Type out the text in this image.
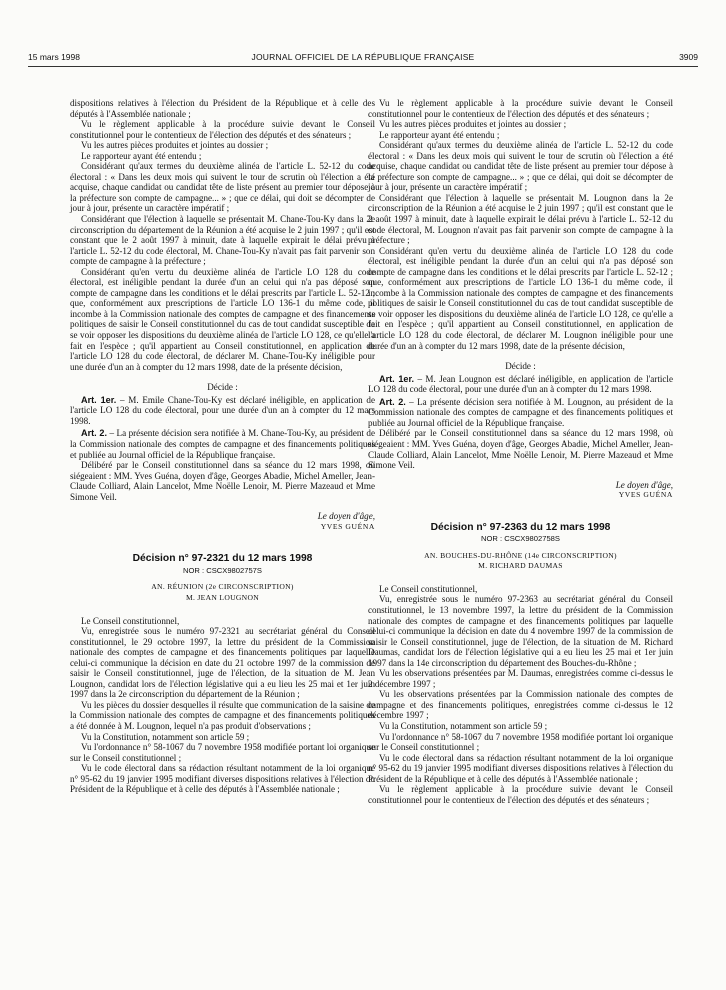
15 mars 1998	JOURNAL OFFICIEL DE LA RÉPUBLIQUE FRANÇAISE	3909

dispositions relatives à l'élection du Président de la République et à celle des députés à l'Assemblée nationale ;

Vu le règlement applicable à la procédure suivie devant le Conseil constitutionnel pour le contentieux de l'élection des députés et des sénateurs ;

Vu les autres pièces produites et jointes au dossier ;

Le rapporteur ayant été entendu ;

Considérant qu'aux termes du deuxième alinéa de l'article L. 52-12 du code électoral : « Dans les deux mois qui suivent le tour de scrutin où l'élection a été acquise, chaque candidat ou candidat tête de liste présent au premier tour dépose à la préfecture son compte de campagne... » ; que ce délai, qui doit se décompter de jour à jour, présente un caractère impératif ;

Considérant que l'élection à laquelle se présentait M. Chane-Tou-Ky dans la 2e circonscription du département de la Réunion a été acquise le 2 juin 1997 ; qu'il est constant que le 2 août 1997 à minuit, date à laquelle expirait le délai prévu à l'article L. 52-12 du code électoral, M. Chane-Tou-Ky n'avait pas fait parvenir son compte de campagne à la préfecture ;

Considérant qu'en vertu du deuxième alinéa de l'article LO 128 du code électoral, est inéligible pendant la durée d'un an celui qui n'a pas déposé son compte de campagne dans les conditions et le délai prescrits par l'article L. 52-12 ; que, conformément aux prescriptions de l'article LO 136-1 du même code, il incombe à la Commission nationale des comptes de campagne et des financements politiques de saisir le Conseil constitutionnel du cas de tout candidat susceptible de se voir opposer les dispositions du deuxième alinéa de l'article LO 128, ce qu'elle a fait en l'espèce ; qu'il appartient au Conseil constitutionnel, en application de l'article LO 128 du code électoral, de déclarer M. Chane-Tou-Ky inéligible pour une durée d'un an à compter du 12 mars 1998, date de la présente décision,

Décide :

Art. 1er. – M. Emile Chane-Tou-Ky est déclaré inéligible, en application de l'article LO 128 du code électoral, pour une durée d'un an à compter du 12 mars 1998.

Art. 2. – La présente décision sera notifiée à M. Chane-Tou-Ky, au président de la Commission nationale des comptes de campagne et des financements politiques et publiée au Journal officiel de la République française.

Délibéré par le Conseil constitutionnel dans sa séance du 12 mars 1998, où siégeaient : MM. Yves Guéna, doyen d'âge, Georges Abadie, Michel Ameller, Jean-Claude Colliard, Alain Lancelot, Mme Noëlle Lenoir, M. Pierre Mazeaud et Mme Simone Veil.

Le doyen d'âge,

YVES GUÉNA

Décision n° 97-2321 du 12 mars 1998

NOR : CSCX9802757S

AN. RÉUNION (2e CIRCONSCRIPTION)

M. JEAN LOUGNON

Le Conseil constitutionnel,

Vu, enregistrée sous le numéro 97-2321 au secrétariat général du Conseil constitutionnel, le 29 octobre 1997, la lettre du président de la Commission nationale des comptes de campagne et des financements politiques par laquelle celui-ci communique la décision en date du 21 octobre 1997 de la commission de saisir le Conseil constitutionnel, juge de l'élection, de la situation de M. Jean Lougnon, candidat lors de l'élection législative qui a eu lieu les 25 mai et 1er juin 1997 dans la 2e circonscription du département de la Réunion ;

Vu les pièces du dossier desquelles il résulte que communication de la saisine de la Commission nationale des comptes de campagne et des financements politiques a été donnée à M. Lougnon, lequel n'a pas produit d'observations ;

Vu la Constitution, notamment son article 59 ;

Vu l'ordonnance n° 58-1067 du 7 novembre 1958 modifiée portant loi organique sur le Conseil constitutionnel ;

Vu le code électoral dans sa rédaction résultant notamment de la loi organique n° 95-62 du 19 janvier 1995 modifiant diverses dispositions relatives à l'élection du Président de la République et à celle des députés à l'Assemblée nationale ;

Vu le règlement applicable à la procédure suivie devant le Conseil constitutionnel pour le contentieux de l'élection des députés et des sénateurs ;

Vu les autres pièces produites et jointes au dossier ;

Le rapporteur ayant été entendu ;

Considérant qu'aux termes du deuxième alinéa de l'article L. 52-12 du code électoral : « Dans les deux mois qui suivent le tour de scrutin où l'élection a été acquise, chaque candidat ou candidat tête de liste présent au premier tour dépose à la préfecture son compte de campagne... » ; que ce délai, qui doit se décompter de jour à jour, présente un caractère impératif ;

Considérant que l'élection à laquelle se présentait M. Lougnon dans la 2e circonscription de la Réunion a été acquise le 2 juin 1997 ; qu'il est constant que le 2 août 1997 à minuit, date à laquelle expirait le délai prévu à l'article L. 52-12 du code électoral, M. Lougnon n'avait pas fait parvenir son compte de campagne à la préfecture ;

Considérant qu'en vertu du deuxième alinéa de l'article LO 128 du code électoral, est inéligible pendant la durée d'un an celui qui n'a pas déposé son compte de campagne dans les conditions et le délai prescrits par l'article L. 52-12 ; que, conformément aux prescriptions de l'article LO 136-1 du même code, il incombe à la Commission nationale des comptes de campagne et des financements politiques de saisir le Conseil constitutionnel du cas de tout candidat susceptible de se voir opposer les dispositions du deuxième alinéa de l'article LO 128, ce qu'elle a fait en l'espèce ; qu'il appartient au Conseil constitutionnel, en application de l'article LO 128 du code électoral, de déclarer M. Lougnon inéligible pour une durée d'un an à compter du 12 mars 1998, date de la présente décision,

Décide :

Art. 1er. – M. Jean Lougnon est déclaré inéligible, en application de l'article LO 128 du code électoral, pour une durée d'un an à compter du 12 mars 1998.

Art. 2. – La présente décision sera notifiée à M. Lougnon, au président de la Commission nationale des comptes de campagne et des financements politiques et publiée au Journal officiel de la République française.

Délibéré par le Conseil constitutionnel dans sa séance du 12 mars 1998, où siégeaient : MM. Yves Guéna, doyen d'âge, Georges Abadie, Michel Ameller, Jean-Claude Colliard, Alain Lancelot, Mme Noëlle Lenoir, M. Pierre Mazeaud et Mme Simone Veil.

Le doyen d'âge,

YVES GUÉNA

Décision n° 97-2363 du 12 mars 1998

NOR : CSCX9802758S

AN. BOUCHES-DU-RHÔNE (14e CIRCONSCRIPTION)

M. RICHARD DAUMAS

Le Conseil constitutionnel,

Vu, enregistrée sous le numéro 97-2363 au secrétariat général du Conseil constitutionnel, le 13 novembre 1997, la lettre du président de la Commission nationale des comptes de campagne et des financements politiques par laquelle celui-ci communique la décision en date du 4 novembre 1997 de la commission de saisir le Conseil constitutionnel, juge de l'élection, de la situation de M. Richard Daumas, candidat lors de l'élection législative qui a eu lieu les 25 mai et 1er juin 1997 dans la 14e circonscription du département des Bouches-du-Rhône ;

Vu les observations présentées par M. Daumas, enregistrées comme ci-dessus le 2 décembre 1997 ;

Vu les observations présentées par la Commission nationale des comptes de campagne et des financements politiques, enregistrées comme ci-dessus le 12 décembre 1997 ;

Vu la Constitution, notamment son article 59 ;

Vu l'ordonnance n° 58-1067 du 7 novembre 1958 modifiée portant loi organique sur le Conseil constitutionnel ;

Vu le code électoral dans sa rédaction résultant notamment de la loi organique n° 95-62 du 19 janvier 1995 modifiant diverses dispositions relatives à l'élection du Président de la République et à celle des députés à l'Assemblée nationale ;

Vu le règlement applicable à la procédure suivie devant le Conseil constitutionnel pour le contentieux de l'élection des députés et des sénateurs ;
